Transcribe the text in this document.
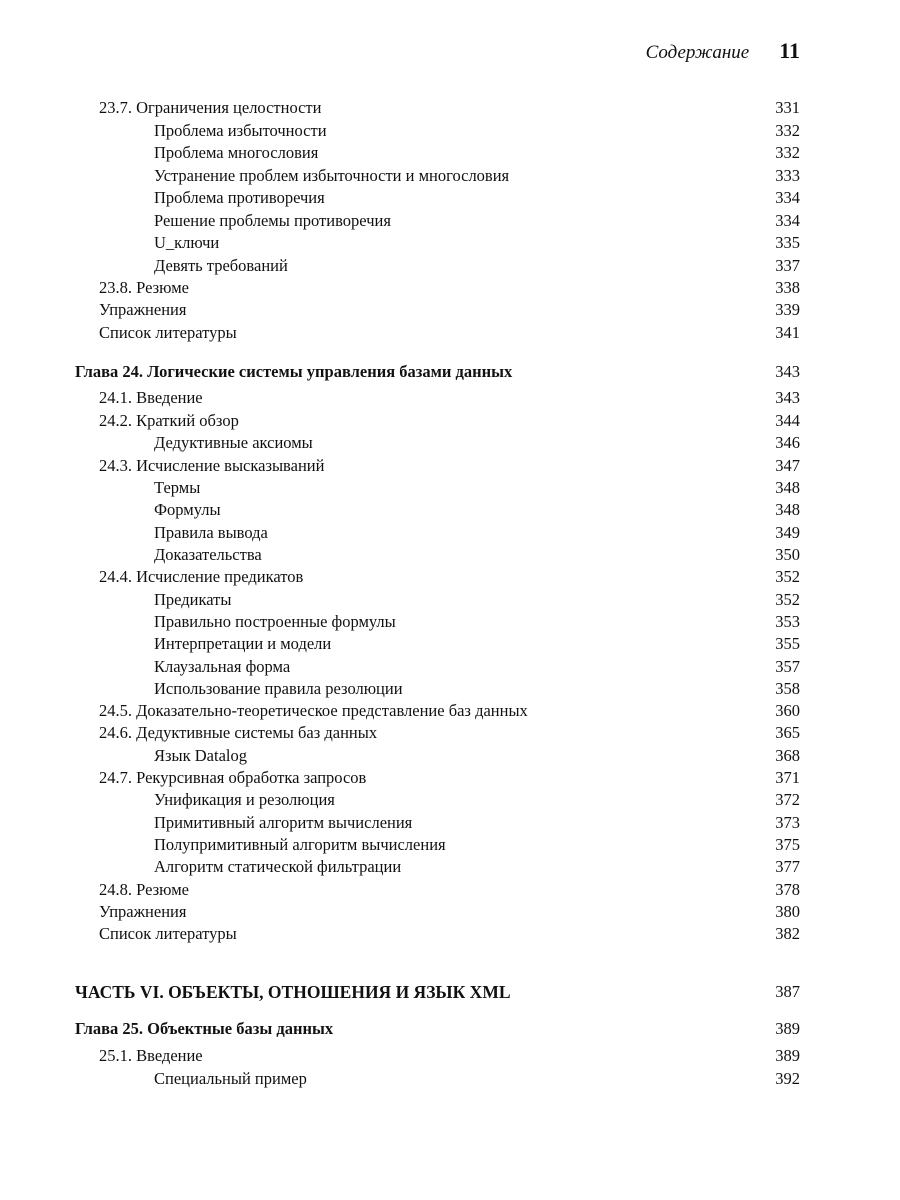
Содержание 11
23.7. Ограничения целостности	331
Проблема избыточности	332
Проблема многословия	332
Устранение проблем избыточности и многословия	333
Проблема противоречия	334
Решение проблемы противоречия	334
U_ключи	335
Девять требований	337
23.8. Резюме	338
Упражнения	339
Список литературы	341
Глава 24. Логические системы управления базами данных	343
24.1. Введение	343
24.2. Краткий обзор	344
Дедуктивные аксиомы	346
24.3. Исчисление высказываний	347
Термы	348
Формулы	348
Правила вывода	349
Доказательства	350
24.4. Исчисление предикатов	352
Предикаты	352
Правильно построенные формулы	353
Интерпретации и модели	355
Клаузальная форма	357
Использование правила резолюции	358
24.5. Доказательно-теоретическое представление баз данных	360
24.6. Дедуктивные системы баз данных	365
Язык Datalog	368
24.7. Рекурсивная обработка запросов	371
Унификация и резолюция	372
Примитивный алгоритм вычисления	373
Полупримитивный алгоритм вычисления	375
Алгоритм статической фильтрации	377
24.8. Резюме	378
Упражнения	380
Список литературы	382
ЧАСТЬ VI. ОБЪЕКТЫ, ОТНОШЕНИЯ И ЯЗЫК XML	387
Глава 25. Объектные базы данных	389
25.1. Введение	389
Специальный пример	392
